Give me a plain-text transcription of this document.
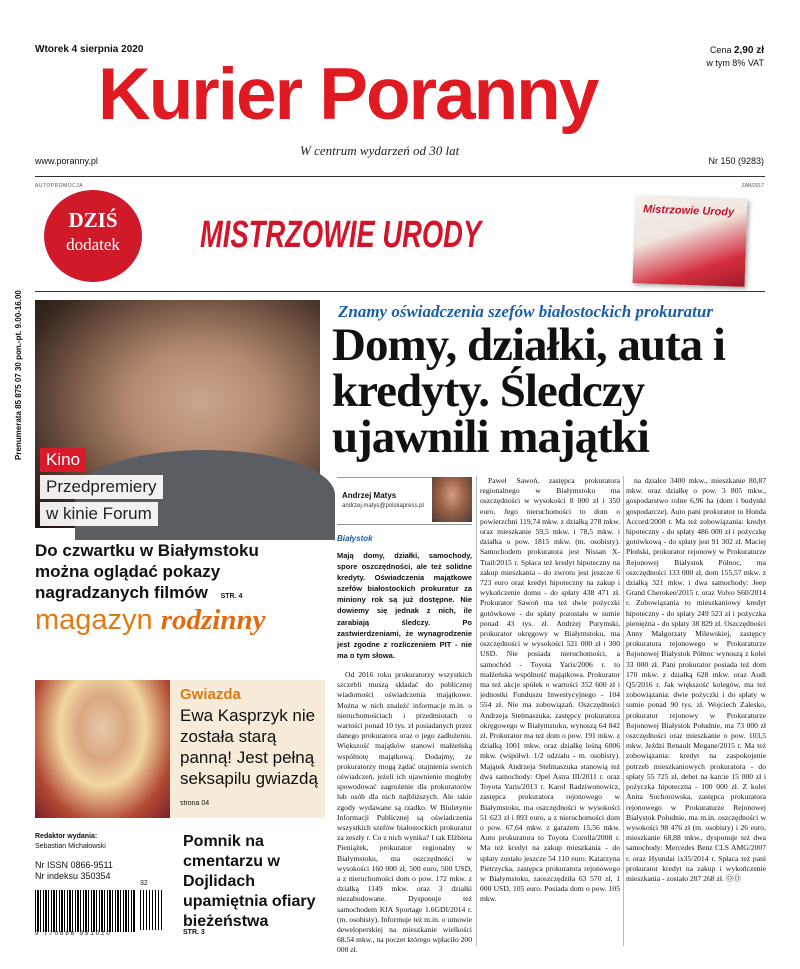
Wtorek 4 sierpnia 2020	Cena 2,90 zł
w tym 8% VAT
Kurier Poranny
W centrum wydarzeń od 30 lat
www.poranny.pl	Nr 150 (9283)
AUTOPROMOCJA	ZAB/2017
DZIŚ
dodatek	MISTRZOWIE URODY
Mistrzowie Urody
Prenumerata 85 875 07 30 pon.-pt. 9.00-16.00	Kino
Przedpremiery
w kinie Forum
Do czwartku w Białymstoku można oglądać pokazy nagradzanych filmów STR. 4
magazyn rodzinny
Gwiazda
Ewa Kasprzyk nie została starą panną! Jest pełną seksapilu gwiazdą strona 04
Redaktor wydania:
Sebastian Michałowski
Nr ISSN 0866-9511
Nr indeksu 350354
9 770866 951020
32
Pomnik na cmentarzu w Dojlidach upamiętnia ofiary bieżeństwa
STR. 3
Znamy oświadczenia szefów białostockich prokuratur
Domy, działki, auta i kredyty. Śledczy ujawnili majątki
Andrzej Matys
andrzej.matys@polskapress.pl
Białystok
Mają domy, działki, samochody, spore oszczędności, ale też solidne kredyty. Oświadczenia majątkowe szefów białostockich prokuratur za miniony rok są już dostępne. Nie dowiemy się jednak z nich, ile zarabiają śledczy. Po zastwierdzeniami, że wynagrodzenie jest zgodne z rozliczeniem PIT - nie ma o tym słowa.

Od 2016 roku prokuratorzy wszystkich szczebli muszą składać do publicznej wiadomości oświadczenia majątkowe. Można w nich znaleźć informacje m.in. o nieruchomościach i przedmiotach o wartości ponad 10 tys. zł posiadanych przez danego prokuratora oraz o jego zadłużeniu. Większość majątków stanowi małżeńską wspólnotę majątkową. Dodajmy, że prokuratorzy mogą żądać utajnienia swoich oświadczeń, jeżeli ich ujawnienie mogłoby spowodować zagrożenie dla prokuratorów lub osób dla nich najbliższych. Ale takie zgody wydawane są rzadko. W Biuletynie Informacji Publicznej są oświadczenia wszystkich szefów białostockich prokuratur za zeszły r. Co z nich wynika? I tak Elżbieta Pieniążek, prokurator regionalny w Białymstoku, ma oszczędności w wysokości 160 000 zł, 500 euro, 500 USD, a z nieruchomości dom o pow. 172 mkw. z działką 1149 mkw. oraz 3 działki niezabudowane. Dysponuje też samochodem KIA Sportage 1.6GDI/2014 r. (m. osobisty). Informuje też m.in. o umowie deweloperskiej na mieszkanie wielkości 68,54 mkw., na poczet którego wpłaciło 200 000 zł.

Paweł Sawoń, zastępca prokuratora regionalnego w Białymstoku ma oszczędności w wysokości 8 000 zł i 350 euro. Jego nieruchomości to dom o powierzchni 119,74 mkw. z działką 278 mkw. oraz mieszkanie 59,5 mkw. i 78,5 mkw. i działka o pow. 1815 mkw. (m. osobisty). Samochodem prokuratora jest Nissan X-Trail/2015 r. Spłaca też kredyt hipoteczny na zakup mieszkania - do zwrotu jest jeszcze 6 723 euro oraz kredyt hipoteczny na zakup i wykończenie domu - do spłaty 438 471 zł. Prokurator Sawoń ma też dwie pożyczki gotówkowe - do spłaty pozostało w sumie ponad 43 tys. zł. Andrzej Purymski, prokurator okręgowy w Białymstoku, ma oszczędności w wysokości 521 000 zł i 300 USD. Nie posiada nieruchomości, a samochód - Toyota Yaris/2006 r. to małżeńska wspólność majątkowa. Prokurator ma też akcje spółek o wartości 352 600 zł i jednostki Funduszu Inwestycyjnego - 104 554 zł. Nie ma zobowiązań. Oszczędności Andrzeja Stelmaszuka, zastępcy prokuratora okręgowego w Białymstoku, wynoszą 64 842 zł. Prokurator ma też dom o pow. 191 mkw. z działką 1001 mkw. oraz działkę leśną 6006 mkw. (współwł. 1/2 udziału - m. osobisty). Majątek Andrzeja Stelmaszuka stanowią też dwa samochody: Opel Astra III/2011 r. oraz Toyota Yaris/2013 r. Karol Radziwonowicz, zastępca prokuratora rejonowego w Białymstoku, ma oszczędności w wysokości 51 623 zł i 893 euro, a z nieruchomości dom o pow. 67,64 mkw. z garażem 15,56 mkw. Auto prokuratora to Toyota Corolla/2008 r. Ma też kredyt na zakup mieszkania - do spłaty zostało jeszcze 54 110 euro. Katarzyna Pietrzycka, zastępca prokuratora rejonowego w Białymstoku, zaoszczędziła 63 570 zł, 1 000 USD, 105 euro. Posiada dom o pow. 105 mkw.

na działce 3400 mkw., mieszkanie 80,87 mkw. oraz działkę o pow. 3 805 mkw., gospodarstwo rolne 6,96 ha (dom i budynki gospodarcze). Auto pani prokurator to Honda Accord/2008 r. Ma też zobowiązania: kredyt hipoteczny - do spłaty 486 000 zł i pożyczkę gotówkową - do spłaty jest 91 302 zł. Maciej Płoński, prokurator rejonowy w Prokuraturze Rejonowej Białystok Północ, ma oszczędności 133 000 zł, dom 155,57 mkw. z działką 321 mkw. i dwa samochody: Jeep Grand Cherokee/2015 r. oraz Volvo S60/2014 r. Zobowiązania to mieszkaniowy kredyt hipoteczny - do spłaty 249 523 zł i pożyczka pieniężna - do spłaty 38 829 zł. Oszczędności Anny Małgorzaty Milewskiej, zastępcy prokuratora rejonowego w Prokuraturze Rejonowej Białystok Północ wynoszą z kolei 33 000 zł. Pani prokurator posiada też dom 170 mkw. z działką 628 mkw. oraz Audi Q5/2016 r. Jak większość kolegów, ma też zobowiązania: dwie pożyczki i do spłaty w sumie ponad 90 tys. zł. Wojciech Zalesko, prokurator rejonowy w Prokuraturze Rejonowej Białystok Południe, ma 73 000 zł oszczędności oraz mieszkanie o pow. 103,5 mkw. Jeździ Renault Megane/2015 r. Ma też zobowiązania: kredyt na zaspokojenie potrzeb mieszkaniowych prokuratora - do spłaty 55 725 zł, debet na karcie 15 000 zł i pożyczka hipoteczna - 100 000 zł. Z kolei Anita Suchorowska, zastępca prokuratora rejonowego w Prokuraturze Rejonowej Białystok Południe, ma m.in. oszczędności w wysokości 98 476 zł (m. osobisty) i 26 euro, mieszkanie 68,88 mkw., dysponuje też dwa samochody: Mercedes Benz CLS AMG/2007 r. oraz Hyundai ix35/2014 r. Spłaca też pani prokurator kredyt na zakup i wykończenie mieszkania - zostało 287 268 zł. ⓄⓄ
